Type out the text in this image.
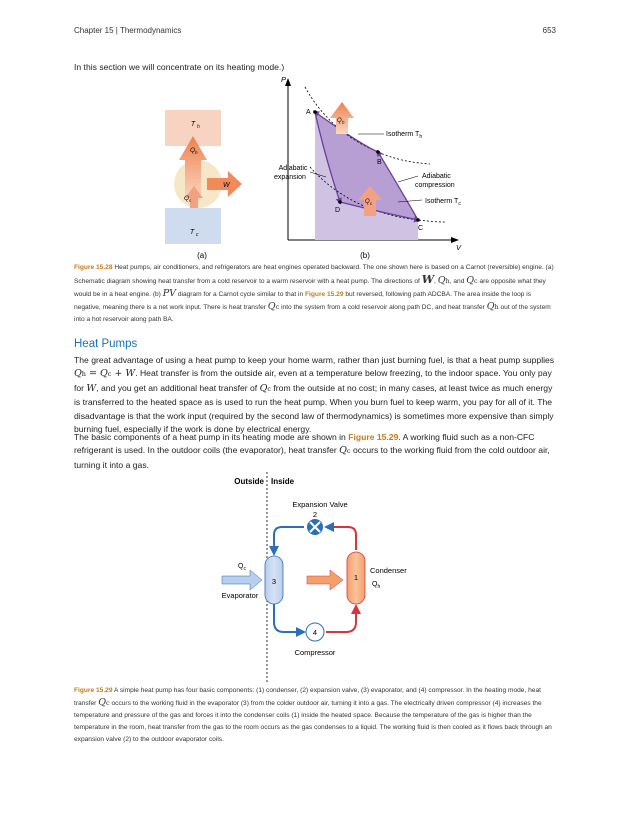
Chapter 15 | Thermodynamics	653
In this section we will concentrate on its heating mode.)
T h
Q h
W
Q c
T c
(a)
P
V
A
B
C
D
Q h
Q c
Isotherm $T_h$
Adiabatic
expansion	Adiabatic
compression
Isotherm $T_c$
(b)
Figure 15.28 Heat pumps, air conditioners, and refrigerators are heat engines operated backward. The one shown here is based on a Carnot (reversible) engine. (a) Schematic diagram showing heat transfer from a cold reservoir to a warm reservoir with a heat pump. The directions of W, Qh, and Qc are opposite what they would be in a heat engine. (b) PV diagram for a Carnot cycle similar to that in Figure 15.29 but reversed, following path ADCBA. The area inside the loop is negative, meaning there is a net work input. There is heat transfer Qc into the system from a cold reservoir along path DC, and heat transfer Qh out of the system into a hot reservoir along path BA.
Heat Pumps
The great advantage of using a heat pump to keep your home warm, rather than just burning fuel, is that a heat pump supplies Qh = Qc + W. Heat transfer is from the outside air, even at a temperature below freezing, to the indoor space. You only pay for W, and you get an additional heat transfer of Qc from the outside at no cost; in many cases, at least twice as much energy is transferred to the heated space as is used to run the heat pump. When you burn fuel to keep warm, you pay for all of it. The disadvantage is that the work input (required by the second law of thermodynamics) is sometimes more expensive than simply burning fuel, especially if the work is done by electrical energy.
The basic components of a heat pump in its heating mode are shown in Figure 15.29. A working fluid such as a non-CFC refrigerant is used. In the outdoor coils (the evaporator), heat transfer Qc occurs to the working fluid from the cold outdoor air, turning it into a gas.
Outside Inside
Expansion Valve
2
3
Evaporator
$Q_c$
1
Condenser
$Q_h$
4
Compressor
Figure 15.29 A simple heat pump has four basic components: (1) condenser, (2) expansion valve, (3) evaporator, and (4) compressor. In the heating mode, heat transfer Qc occurs to the working fluid in the evaporator (3) from the colder outdoor air, turning it into a gas. The electrically driven compressor (4) increases the temperature and pressure of the gas and forces it into the condenser coils (1) inside the heated space. Because the temperature of the gas is higher than the temperature in the room, heat transfer from the gas to the room occurs as the gas condenses to a liquid. The working fluid is then cooled as it flows back through an expansion valve (2) to the outdoor evaporator coils.
